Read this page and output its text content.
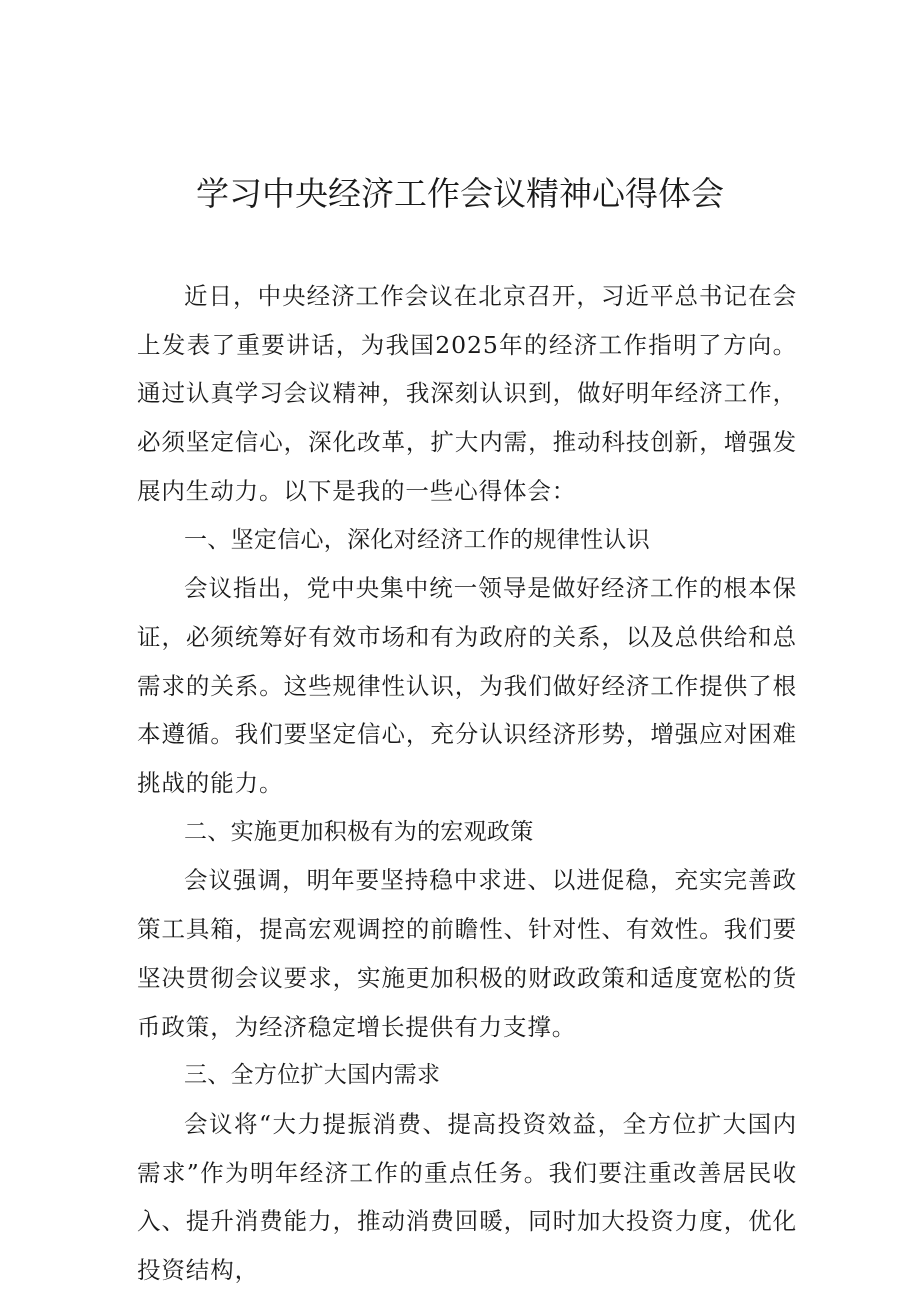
学习中央经济工作会议精神心得体会

近日，中央经济工作会议在北京召开，习近平总书记在会上发表了重要讲话，为我国2025年的经济工作指明了方向。通过认真学习会议精神，我深刻认识到，做好明年经济工作，必须坚定信心，深化改革，扩大内需，推动科技创新，增强发展内生动力。以下是我的一些心得体会：

一、坚定信心，深化对经济工作的规律性认识

会议指出，党中央集中统一领导是做好经济工作的根本保证，必须统筹好有效市场和有为政府的关系，以及总供给和总需求的关系。这些规律性认识，为我们做好经济工作提供了根本遵循。我们要坚定信心，充分认识经济形势，增强应对困难挑战的能力。

二、实施更加积极有为的宏观政策

会议强调，明年要坚持稳中求进、以进促稳，充实完善政策工具箱，提高宏观调控的前瞻性、针对性、有效性。我们要坚决贯彻会议要求，实施更加积极的财政政策和适度宽松的货币政策，为经济稳定增长提供有力支撑。

三、全方位扩大国内需求

会议将“大力提振消费、提高投资效益，全方位扩大国内需求”作为明年经济工作的重点任务。我们要注重改善居民收入、提升消费能力，推动消费回暖，同时加大投资力度，优化投资结构，
